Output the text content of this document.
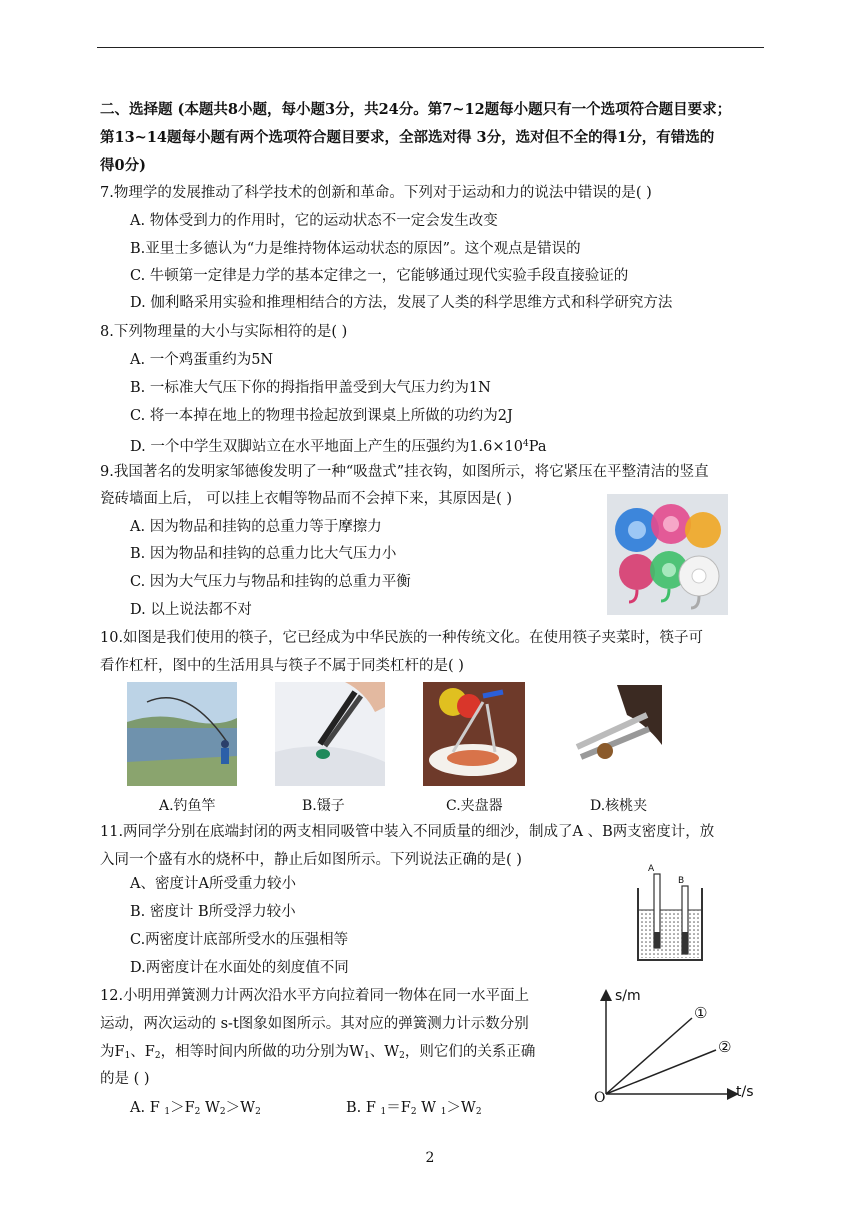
二、选择题 (本题共8小题，每小题3分，共24分。第7~12题每小题只有一个选项符合题目要求；
第13~14题每小题有两个选项符合题目要求，全部选对得 3分，选对但不全的得1分，有错选的
得0分)
7.物理学的发展推动了科学技术的创新和革命。下列对于运动和力的说法中错误的是( )
A. 物体受到力的作用时，它的运动状态不一定会发生改变
B.亚里士多德认为“力是维持物体运动状态的原因”。这个观点是错误的
C. 牛顿第一定律是力学的基本定律之一，它能够通过现代实验手段直接验证的
D. 伽利略采用实验和推理相结合的方法，发展了人类的科学思维方式和科学研究方法
8.下列物理量的大小与实际相符的是( )
A. 一个鸡蛋重约为5N
B. 一标准大气压下你的拇指指甲盖受到大气压力约为1N
C. 将一本掉在地上的物理书捡起放到课桌上所做的功约为2J
D. 一个中学生双脚站立在水平地面上产生的压强约为$1.6\times 10^4Pa$
9.我国著名的发明家邹德俊发明了一种“吸盘式”挂衣钩，如图所示，将它紧压在平整清洁的竖直
瓷砖墙面上后， 可以挂上衣帽等物品而不会掉下来，其原因是( )
A. 因为物品和挂钩的总重力等于摩擦力
B. 因为物品和挂钩的总重力比大气压力小
C. 因为大气压力与物品和挂钩的总重力平衡
D. 以上说法都不对
10.如图是我们使用的筷子，它已经成为中华民族的一种传统文化。在使用筷子夹菜时，筷子可
看作杠杆，图中的生活用具与筷子不属于同类杠杆的是( )
A.钓鱼竿	B.镊子	C.夹盘器	D.核桃夹
11.两同学分别在底端封闭的两支相同吸管中装入不同质量的细沙，制成了A 、B两支密度计，放
入同一个盛有水的烧杯中，静止后如图所示。下列说法正确的是( )
A、密度计A所受重力较小
B. 密度计 B所受浮力较小
C.两密度计底部所受水的压强相等
D.两密度计在水面处的刻度值不同
A
B
12.小明用弹簧测力计两次沿水平方向拉着同一物体在同一水平面上
运动，两次运动的 s-t图象如图所示。其对应的弹簧测力计示数分别
为$F_1$、$F_2$，相等时间内所做的功分别为$W_1$、$W_2$，则它们的关系正确
的是 ( )
A. F $_1>F_2$ $W_2>W_2$	B. F $_1=F_2$ W $_1>W_2$
s/m
t/s
O
①
②
2
